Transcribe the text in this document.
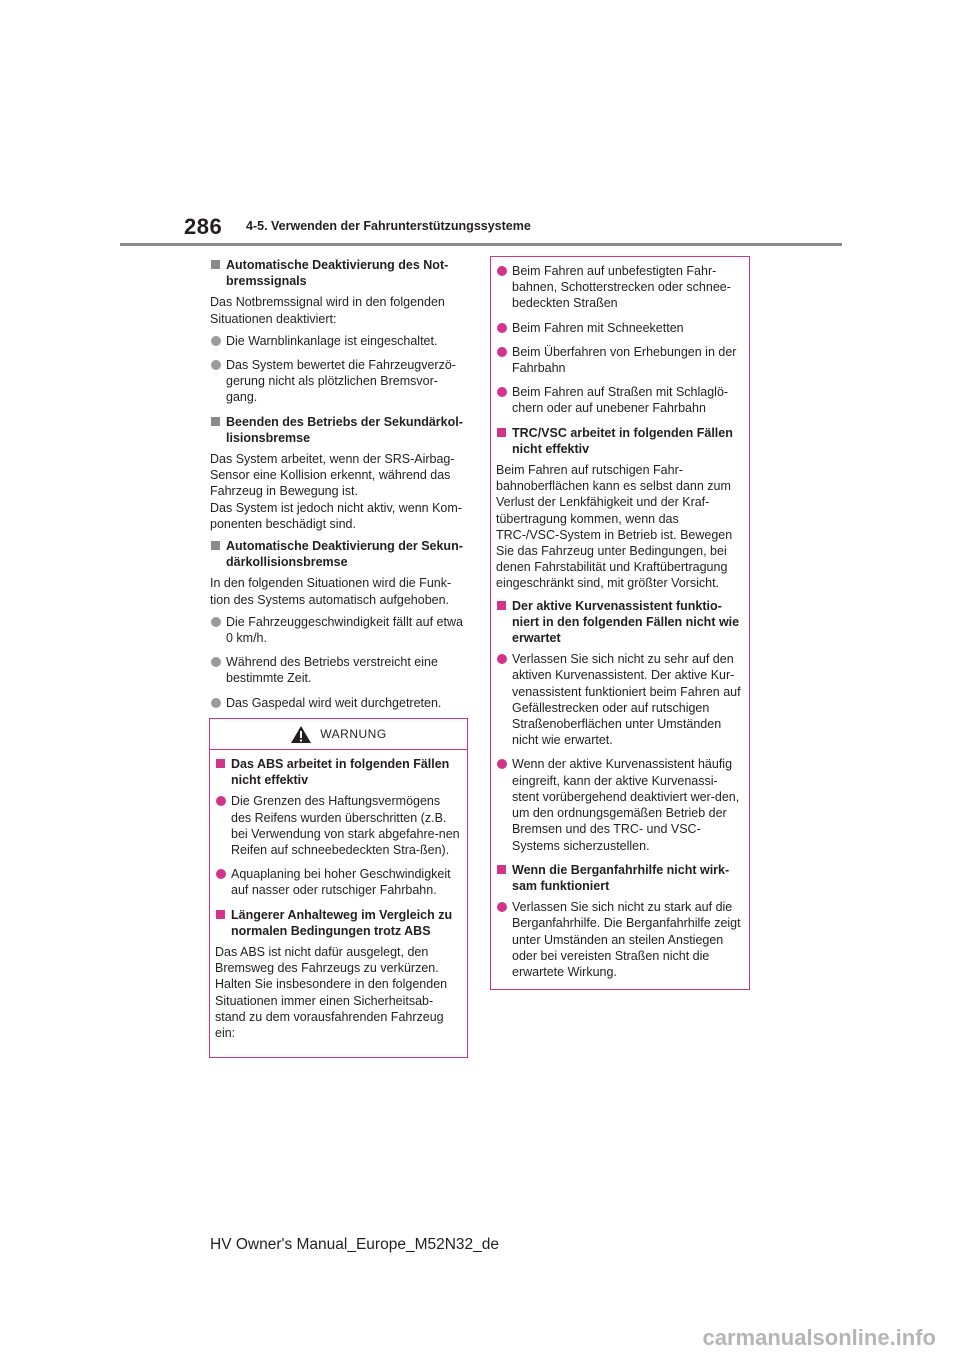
286 4-5. Verwenden der Fahrunterstützungssysteme
Automatische Deaktivierung des Not-bremssignals
Das Notbremssignal wird in den folgenden Situationen deaktiviert:
Die Warnblinkanlage ist eingeschaltet.
Das System bewertet die Fahrzeugverzö-gerung nicht als plötzlichen Bremsvor-gang.
Beenden des Betriebs der Sekundärkol-lisionsbremse
Das System arbeitet, wenn der SRS-Airbag-Sensor eine Kollision erkennt, während das Fahrzeug in Bewegung ist.
Das System ist jedoch nicht aktiv, wenn Kom-ponenten beschädigt sind.
Automatische Deaktivierung der Sekun-därkollisionsbremse
In den folgenden Situationen wird die Funk-tion des Systems automatisch aufgehoben.
Die Fahrzeuggeschwindigkeit fällt auf etwa 0 km/h.
Während des Betriebs verstreicht eine bestimmte Zeit.
Das Gaspedal wird weit durchgetreten.
WARNUNG
Das ABS arbeitet in folgenden Fällen nicht effektiv
Die Grenzen des Haftungsvermögens des Reifens wurden überschritten (z.B. bei Verwendung von stark abgefahre-nen Reifen auf schneebedeckten Stra-ßen).
Aquaplaning bei hoher Geschwindigkeit auf nasser oder rutschiger Fahrbahn.
Längerer Anhalteweg im Vergleich zu normalen Bedingungen trotz ABS
Das ABS ist nicht dafür ausgelegt, den Bremsweg des Fahrzeugs zu verkürzen. Halten Sie insbesondere in den folgenden Situationen immer einen Sicherheitsab-stand zu dem vorausfahrenden Fahrzeug ein:
Beim Fahren auf unbefestigten Fahr-bahnen, Schotterstrecken oder schnee-bedeckten Straßen
Beim Fahren mit Schneeketten
Beim Überfahren von Erhebungen in der Fahrbahn
Beim Fahren auf Straßen mit Schlaglö-chern oder auf unebener Fahrbahn
TRC/VSC arbeitet in folgenden Fällen nicht effektiv
Beim Fahren auf rutschigen Fahr-bahnoberflächen kann es selbst dann zum Verlust der Lenkfähigkeit und der Kraf-tübertragung kommen, wenn das TRC-/VSC-System in Betrieb ist. Bewegen Sie das Fahrzeug unter Bedingungen, bei denen Fahrstabilität und Kraftübertragung eingeschränkt sind, mit größter Vorsicht.
Der aktive Kurvenassistent funktio-niert in den folgenden Fällen nicht wie erwartet
Verlassen Sie sich nicht zu sehr auf den aktiven Kurvenassistent. Der aktive Kur-venassistent funktioniert beim Fahren auf Gefällestrecken oder auf rutschigen Straßenoberflächen unter Umständen nicht wie erwartet.
Wenn der aktive Kurvenassistent häufig eingreift, kann der aktive Kurvenassi-stent vorübergehend deaktiviert wer-den, um den ordnungsgemäßen Betrieb der Bremsen und des TRC- und VSC-Systems sicherzustellen.
Wenn die Berganfahrhilfe nicht wirk-sam funktioniert
Verlassen Sie sich nicht zu stark auf die Berganfahrhilfe. Die Berganfahrhilfe zeigt unter Umständen an steilen Anstiegen oder bei vereisten Straßen nicht die erwartete Wirkung.
HV Owner's Manual_Europe_M52N32_de
carmanualsonline.info
